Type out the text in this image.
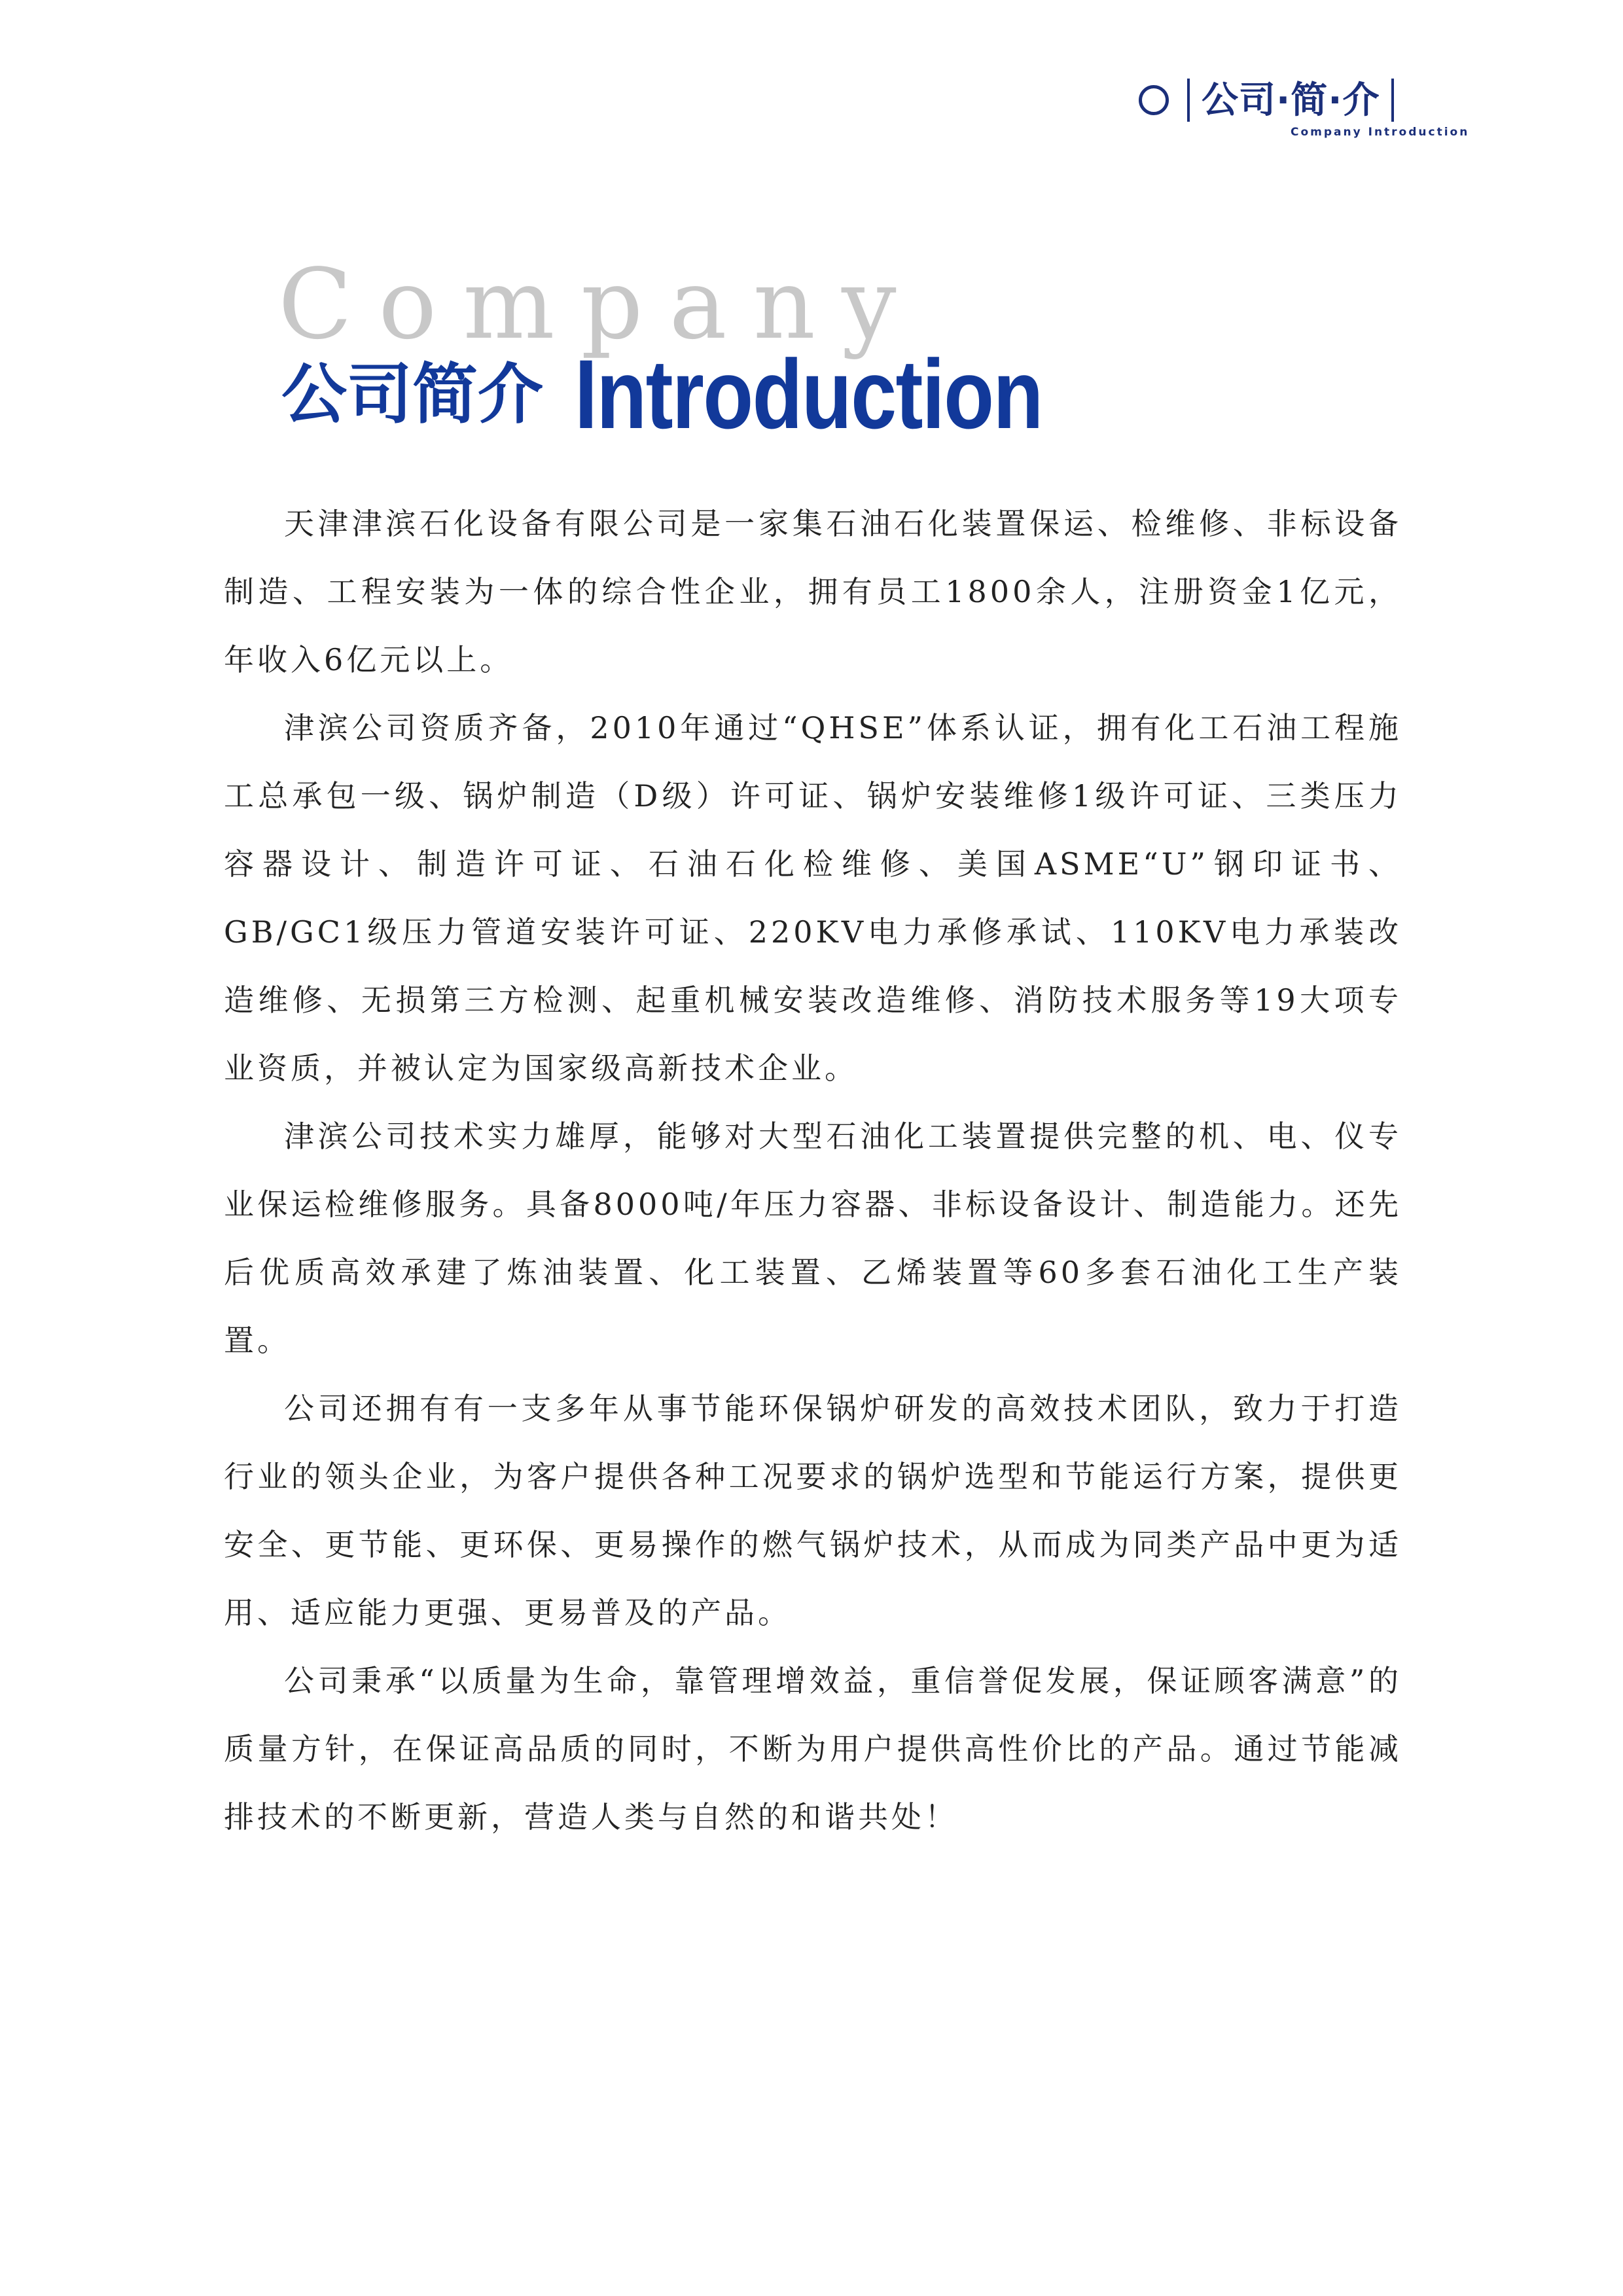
公司·简·介
Company Introduction
Company
公司简介 Introduction

天津津滨石化设备有限公司是一家集石油石化装置保运、检维修、非标设备制造、工程安装为一体的综合性企业，拥有员工1800余人，注册资金1亿元，年收入6亿元以上。

津滨公司资质齐备，2010年通过“QHSE”体系认证，拥有化工石油工程施工总承包一级、锅炉制造（D级）许可证、锅炉安装维修1级许可证、三类压力容器设计、制造许可证、石油石化检维修、美国ASME“U”钢印证书、GB/GC1级压力管道安装许可证、220KV电力承修承试、110KV电力承装改造维修、无损第三方检测、起重机械安装改造维修、消防技术服务等19大项专业资质，并被认定为国家级高新技术企业。

津滨公司技术实力雄厚，能够对大型石油化工装置提供完整的机、电、仪专业保运检维修服务。具备8000吨/年压力容器、非标设备设计、制造能力。还先后优质高效承建了炼油装置、化工装置、乙烯装置等60多套石油化工生产装置。

公司还拥有有一支多年从事节能环保锅炉研发的高效技术团队，致力于打造行业的领头企业，为客户提供各种工况要求的锅炉选型和节能运行方案，提供更安全、更节能、更环保、更易操作的燃气锅炉技术，从而成为同类产品中更为适用、适应能力更强、更易普及的产品。

公司秉承“以质量为生命，靠管理增效益，重信誉促发展，保证顾客满意”的质量方针，在保证高品质的同时，不断为用户提供高性价比的产品。通过节能减排技术的不断更新，营造人类与自然的和谐共处！
